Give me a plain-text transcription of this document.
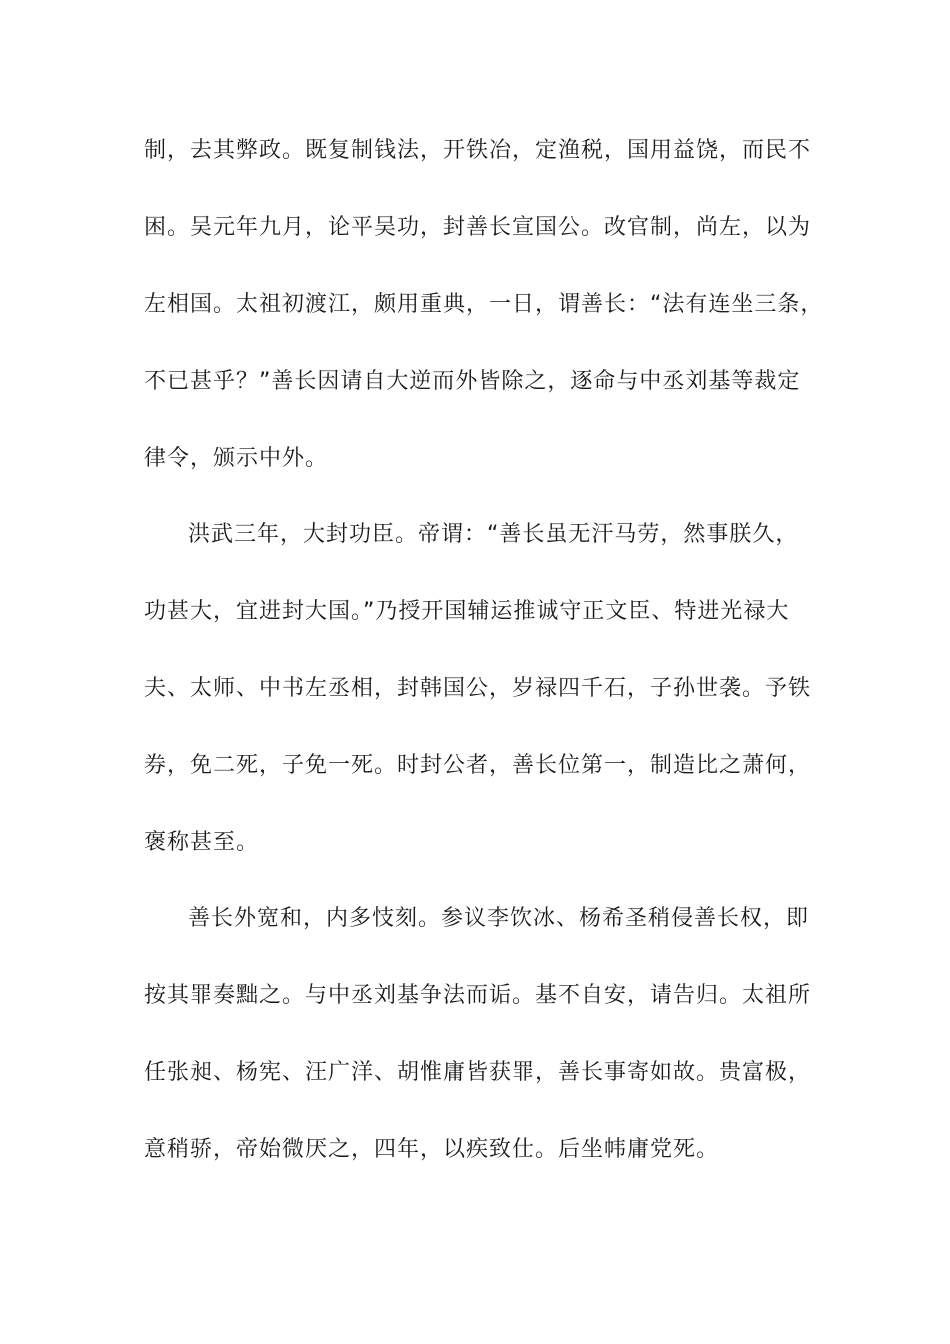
制，去其弊政。既复制钱法，开铁冶，定渔税，国用益饶，而民不
困。吴元年九月，论平吴功，封善长宣国公。改官制，尚左，以为
左相国。太祖初渡江，颇用重典，一日，谓善长：“法有连坐三条，
不已甚乎？”善长因请自大逆而外皆除之，逐命与中丞刘基等裁定
律令，颁示中外。
洪武三年，大封功臣。帝谓：“善长虽无汗马劳，然事朕久，
功甚大，宜进封大国。”乃授开国辅运推诚守正文臣、特进光禄大
夫、太师、中书左丞相，封韩国公，岁禄四千石，子孙世袭。予铁
券，免二死，子免一死。时封公者，善长位第一，制造比之萧何，
褒称甚至。
善长外宽和，内多忮刻。参议李饮冰、杨希圣稍侵善长权，即
按其罪奏黜之。与中丞刘基争法而诟。基不自安，请告归。太祖所
任张昶、杨宪、汪广洋、胡惟庸皆获罪，善长事寄如故。贵富极，
意稍骄，帝始微厌之，四年，以疾致仕。后坐帏庸党死。
